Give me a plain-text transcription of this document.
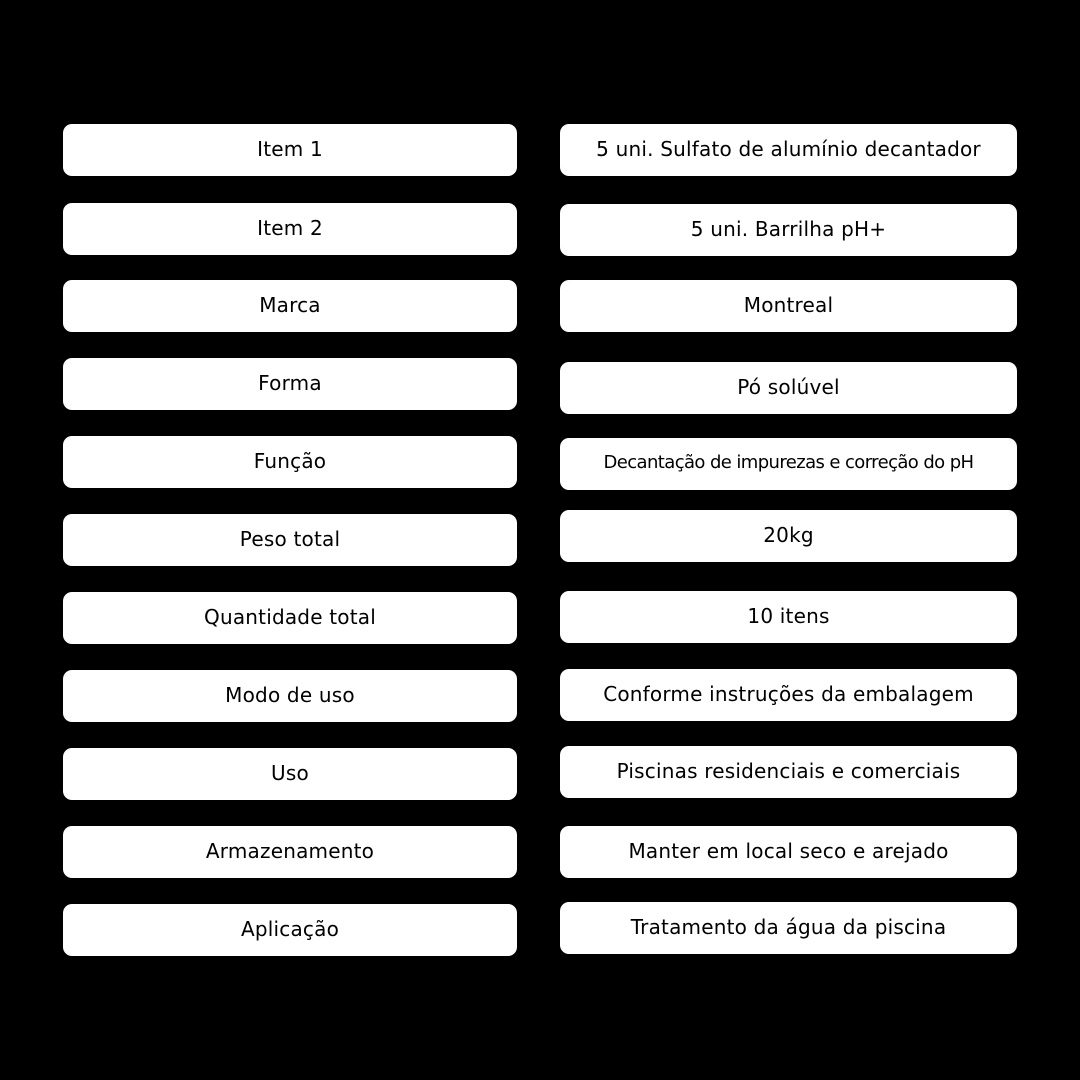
Item 1	5 uni. Sulfato de alumínio decantador
Item 2	5 uni. Barrilha pH+
Marca	Montreal
Forma	Pó solúvel
Função	Decantação de impurezas e correção do pH
Peso total	20kg
Quantidade total	10 itens
Modo de uso	Conforme instruções da embalagem
Uso	Piscinas residenciais e comerciais
Armazenamento	Manter em local seco e arejado
Aplicação	Tratamento da água da piscina
